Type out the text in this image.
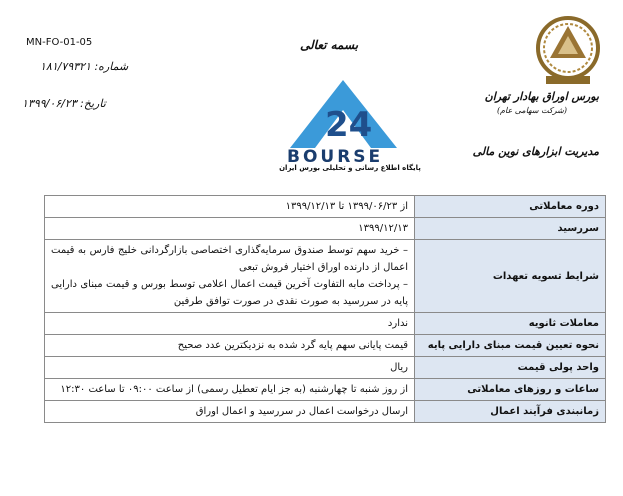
MN-FO-01-05
شماره: ۱۸۱/۷۹۳۲۱
تاریخ: ۱۳۹۹/۰۶/۲۳
بسمه تعالی
24
BOURSE
پایگاه اطلاع رسانی و تحلیلی بورس ایران
بورس اوراق بهادار تهران
(شرکت سهامی عام)
مدیریت ابزارهای نوین مالی
دوره معاملاتی	از ۱۳۹۹/۰۶/۲۳ تا ۱۳۹۹/۱۲/۱۳

سررسید	۱۳۹۹/۱۲/۱۳

شرایط تسویه تعهدات	– خرید سهم توسط صندوق سرمایه‌گذاری اختصاصی بازارگردانی خلیج فارس به قیمت اعمال از دارنده اوراق اختیار فروش تبعی
– پرداخت مابه التفاوت آخرین قیمت اعمال اعلامی توسط بورس و قیمت مبنای دارایی پایه در سررسید به صورت نقدی در صورت توافق طرفین

معاملات ثانویه	ندارد

نحوه تعیین قیمت مبنای دارایی پایه	قیمت پایانی سهم پایه گرد شده به نزدیکترین عدد صحیح

واحد پولی قیمت	ریال

ساعات و روزهای معاملاتی	از روز شنبه تا چهارشنبه (به جز ایام تعطیل رسمی) از ساعت ۰۹:۰۰ تا ساعت ۱۲:۳۰

زمانبندی فرآیند اعمال	ارسال درخواست اعمال در سررسید و اعمال اوراق
